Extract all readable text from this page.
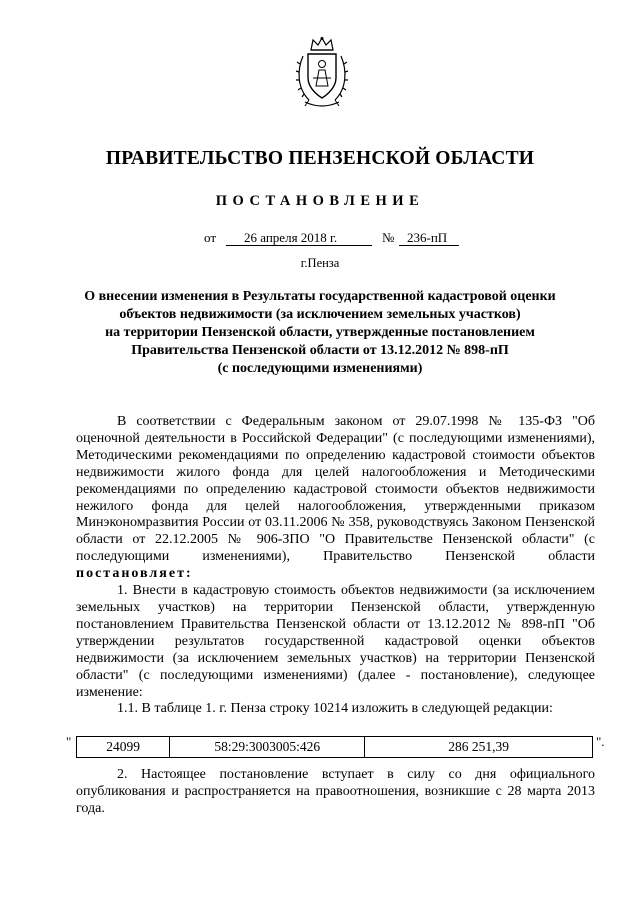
ПРАВИТЕЛЬСТВО ПЕНЗЕНСКОЙ ОБЛАСТИ
ПОСТАНОВЛЕНИЕ
от 26 апреля 2018 г.	№ 236-пП
г.Пенза
О внесении изменения в Результаты государственной кадастровой оценки
объектов недвижимости (за исключением земельных участков)
на территории Пензенской области, утвержденные постановлением
Правительства Пензенской области от 13.12.2012 № 898-пП
(с последующими изменениями)

В соответствии с Федеральным законом от 29.07.1998 № 135-ФЗ "Об оценочной деятельности в Российской Федерации" (с последующими изменениями), Методическими рекомендациями по определению кадастровой стоимости объектов недвижимости жилого фонда для целей налогообложения и Методическими рекомендациями по определению кадастровой стоимости объектов недвижимости нежилого фонда для целей налогообложения, утвержденными приказом Минэкономразвития России от 03.11.2006 № 358, руководствуясь Законом Пензенской области от 22.12.2005 № 906-ЗПО "О Правительстве Пензенской области" (с последующими изменениями), Правительство Пензенской области постановляет:

1. Внести в кадастровую стоимость объектов недвижимости (за исключением земельных участков) на территории Пензенской области, утвержденную постановлением Правительства Пензенской области от 13.12.2012 № 898-пП "Об утверждении результатов государственной кадастровой оценки объектов недвижимости (за исключением земельных участков) на территории Пензенской области" (с последующими изменениями) (далее - постановление), следующее изменение:

1.1. В таблице 1. г. Пенза строку 10214 изложить в следующей редакции:

"	24099	58:29:3003005:426	286 251,39	".

2. Настоящее постановление вступает в силу со дня официального опубликования и распространяется на правоотношения, возникшие с 28 марта 2013 года.
